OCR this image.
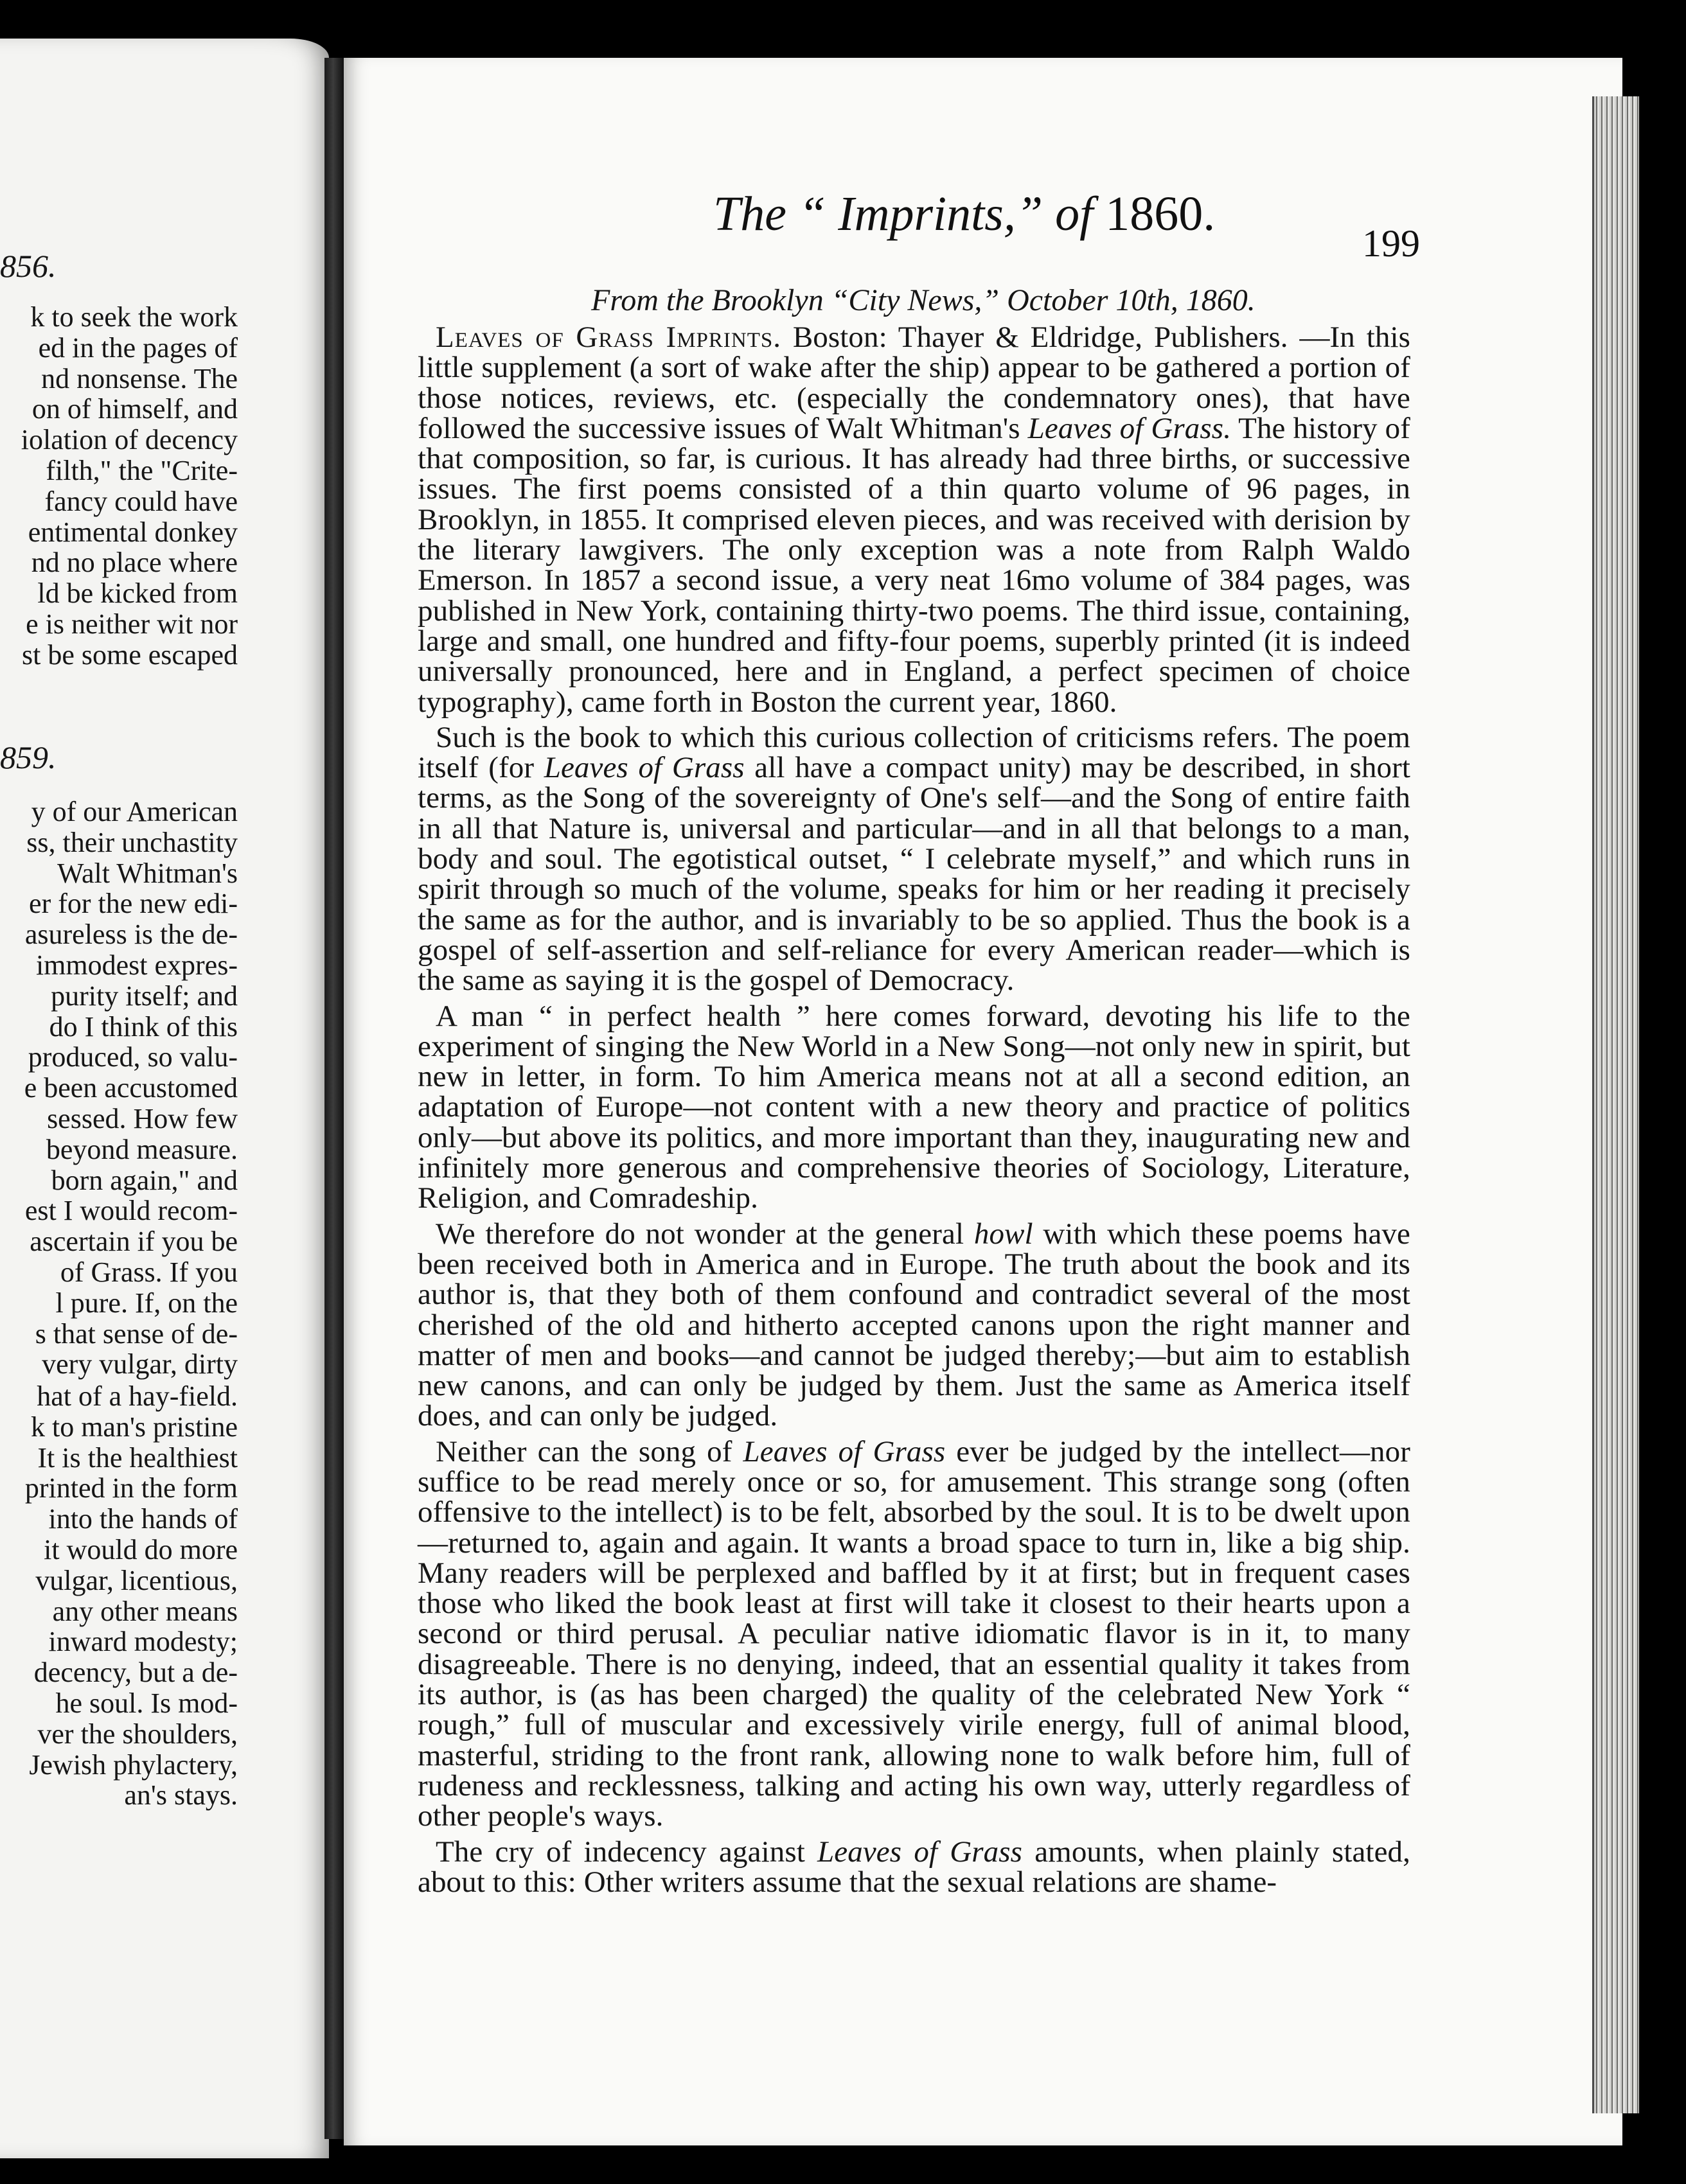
856.
859.
k to seek the work
ed in the pages of
nd nonsense. The
on of himself, and
iolation of decency
filth," the "Crite-
fancy could have
entimental donkey
nd no place where
ld be kicked from
e is neither wit nor
st be some escaped
y of our American
ss, their unchastity
Walt Whitman's
er for the new edi-
asureless is the de-
immodest expres-
purity itself; and
do I think of this
produced, so valu-
e been accustomed
sessed. How few
beyond measure.
born again," and
est I would recom-
ascertain if you be
of Grass. If you
l pure. If, on the
s that sense of de-
very vulgar, dirty
hat of a hay-field.
k to man's pristine
It is the healthiest
printed in the form
into the hands of
it would do more
vulgar, licentious,
any other means
inward modesty;
decency, but a de-
he soul. Is mod-
ver the shoulders,
Jewish phylactery,
an's stays.
The “ Imprints,” of 1860.
199
From the Brooklyn “City News,” October 10th, 1860.

Leaves of Grass Imprints. Boston: Thayer & Eldridge, Publishers. —In this little supplement (a sort of wake after the ship) appear to be gathered a portion of those notices, reviews, etc. (especially the condemnatory ones), that have followed the successive issues of Walt Whitman's Leaves of Grass. The history of that composition, so far, is curious. It has already had three births, or successive issues. The first poems consisted of a thin quarto volume of 96 pages, in Brooklyn, in 1855. It comprised eleven pieces, and was received with derision by the literary lawgivers. The only exception was a note from Ralph Waldo Emerson. In 1857 a second issue, a very neat 16mo volume of 384 pages, was published in New York, containing thirty-two poems. The third issue, containing, large and small, one hundred and fifty-four poems, superbly printed (it is indeed universally pronounced, here and in England, a perfect specimen of choice typography), came forth in Boston the current year, 1860.

Such is the book to which this curious collection of criticisms refers. The poem itself (for Leaves of Grass all have a compact unity) may be described, in short terms, as the Song of the sovereignty of One's self—and the Song of entire faith in all that Nature is, universal and particular—and in all that belongs to a man, body and soul. The egotistical outset, “ I celebrate myself,” and which runs in spirit through so much of the volume, speaks for him or her reading it precisely the same as for the author, and is invariably to be so applied. Thus the book is a gospel of self-assertion and self-reliance for every American reader—which is the same as saying it is the gospel of Democracy.

A man “ in perfect health ” here comes forward, devoting his life to the experiment of singing the New World in a New Song—not only new in spirit, but new in letter, in form. To him America means not at all a second edition, an adaptation of Europe—not content with a new theory and practice of politics only—but above its politics, and more important than they, inaugurating new and infinitely more generous and comprehensive theories of Sociology, Literature, Religion, and Comradeship.

We therefore do not wonder at the general howl with which these poems have been received both in America and in Europe. The truth about the book and its author is, that they both of them confound and contradict several of the most cherished of the old and hitherto accepted canons upon the right manner and matter of men and books—and cannot be judged thereby;—but aim to establish new canons, and can only be judged by them. Just the same as America itself does, and can only be judged.

Neither can the song of Leaves of Grass ever be judged by the intellect—nor suffice to be read merely once or so, for amusement. This strange song (often offensive to the intellect) is to be felt, absorbed by the soul. It is to be dwelt upon—returned to, again and again. It wants a broad space to turn in, like a big ship. Many readers will be perplexed and baffled by it at first; but in frequent cases those who liked the book least at first will take it closest to their hearts upon a second or third perusal. A peculiar native idiomatic flavor is in it, to many disagreeable. There is no denying, indeed, that an essential quality it takes from its author, is (as has been charged) the quality of the celebrated New York “ rough,” full of muscular and excessively virile energy, full of animal blood, masterful, striding to the front rank, allowing none to walk before him, full of rudeness and recklessness, talking and acting his own way, utterly regardless of other people's ways.

The cry of indecency against Leaves of Grass amounts, when plainly stated, about to this: Other writers assume that the sexual relations are shame-
